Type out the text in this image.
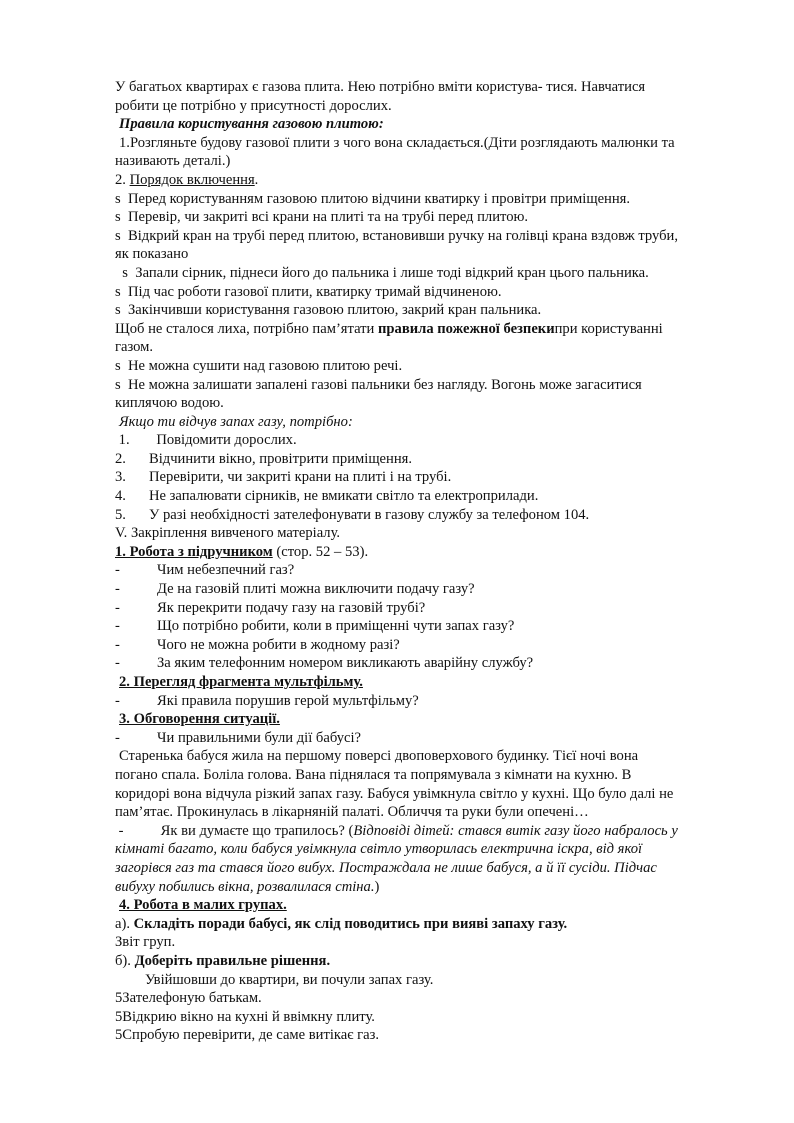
У багатьох квартирах є газова плита. Нею потрібно вміти користува- тися. Навчатися
робити це потрібно у присутності дорослих.
Правила користування газовою плитою:
1.Розгляньте будову газової плити з чого вона складається.(Діти розглядають малюнки та
називають деталі.)
2. Порядок включення.
s Перед користуванням газовою плитою відчини кватирку і провітри приміщення.
s Перевір, чи закриті всі крани на плиті та на трубі перед плитою.
s Відкрий кран на трубі перед плитою, встановивши ручку на голівці крана вздовж труби,
як показано
s Запали сірник, піднеси його до пальника і лише тоді відкрий кран цього пальника.
s Під час роботи газової плити, кватирку тримай відчиненою.
s Закінчивши користування газовою плитою, закрий кран пальника.
Щоб не сталося лиха, потрібно пам’ятати правила пожежної безпекипри користуванні
газом.
s Не можна сушити над газовою плитою речі.
s Не можна залишати запалені газові пальники без нагляду. Вогонь може загаситися
киплячою водою.
Якщо ти відчув запах газу, потрібно:
1. Повідомити дорослих.
2. Відчинити вікно, провітрити приміщення.
3. Перевірити, чи закриті крани на плиті і на трубі.
4. Не запалювати сірників, не вмикати світло та електроприлади.
5. У разі необхідності зателефонувати в газову службу за телефоном 104.
V. Закріплення вивченого матеріалу.
1. Робота з підручником (стор. 52 – 53).
-	Чим небезпечний газ?
-	Де на газовій плиті можна виключити подачу газу?
-	Як перекрити подачу газу на газовій трубі?
-	Що потрібно робити, коли в приміщенні чути запах газу?
-	Чого не можна робити в жодному разі?
-	За яким телефонним номером викликають аварійну службу?
2. Перегляд фрагмента мультфільму.
-	Які правила порушив герой мультфільму?
3. Обговорення ситуації.
-	Чи правильними були дії бабусі?
Старенька бабуся жила на першому поверсі двоповерхового будинку. Тієї ночі вона
погано спала. Боліла голова. Вана піднялася та попрямувала з кімнати на кухню. В
коридорі вона відчула різкий запах газу. Бабуся увімкнула світло у кухні. Що було далі не
пам’ятає. Прокинулась в лікарняній палаті. Обличчя та руки були опечені…
-	Як ви думаєте що трапилось? (Відповіді дітей: стався витік газу його набралось у
кімнаті багато, коли бабуся увімкнула світло утворилась електрична іскра, від якої
загорівся газ та стався його вибух. Постраждала не лише бабуся, а й її сусіди. Підчас
вибуху побились вікна, розвалилася стіна.)
4. Робота в малих групах.
а). Складіть поради бабусі, як слід поводитись при вияві запаху газу.
Звіт груп.
б). Доберіть правильне рішення.
Увійшовши до квартири, ви почули запах газу.
5Зателефоную батькам.
5Відкрию вікно на кухні й ввімкну плиту.
5Спробую перевірити, де саме витікає газ.
